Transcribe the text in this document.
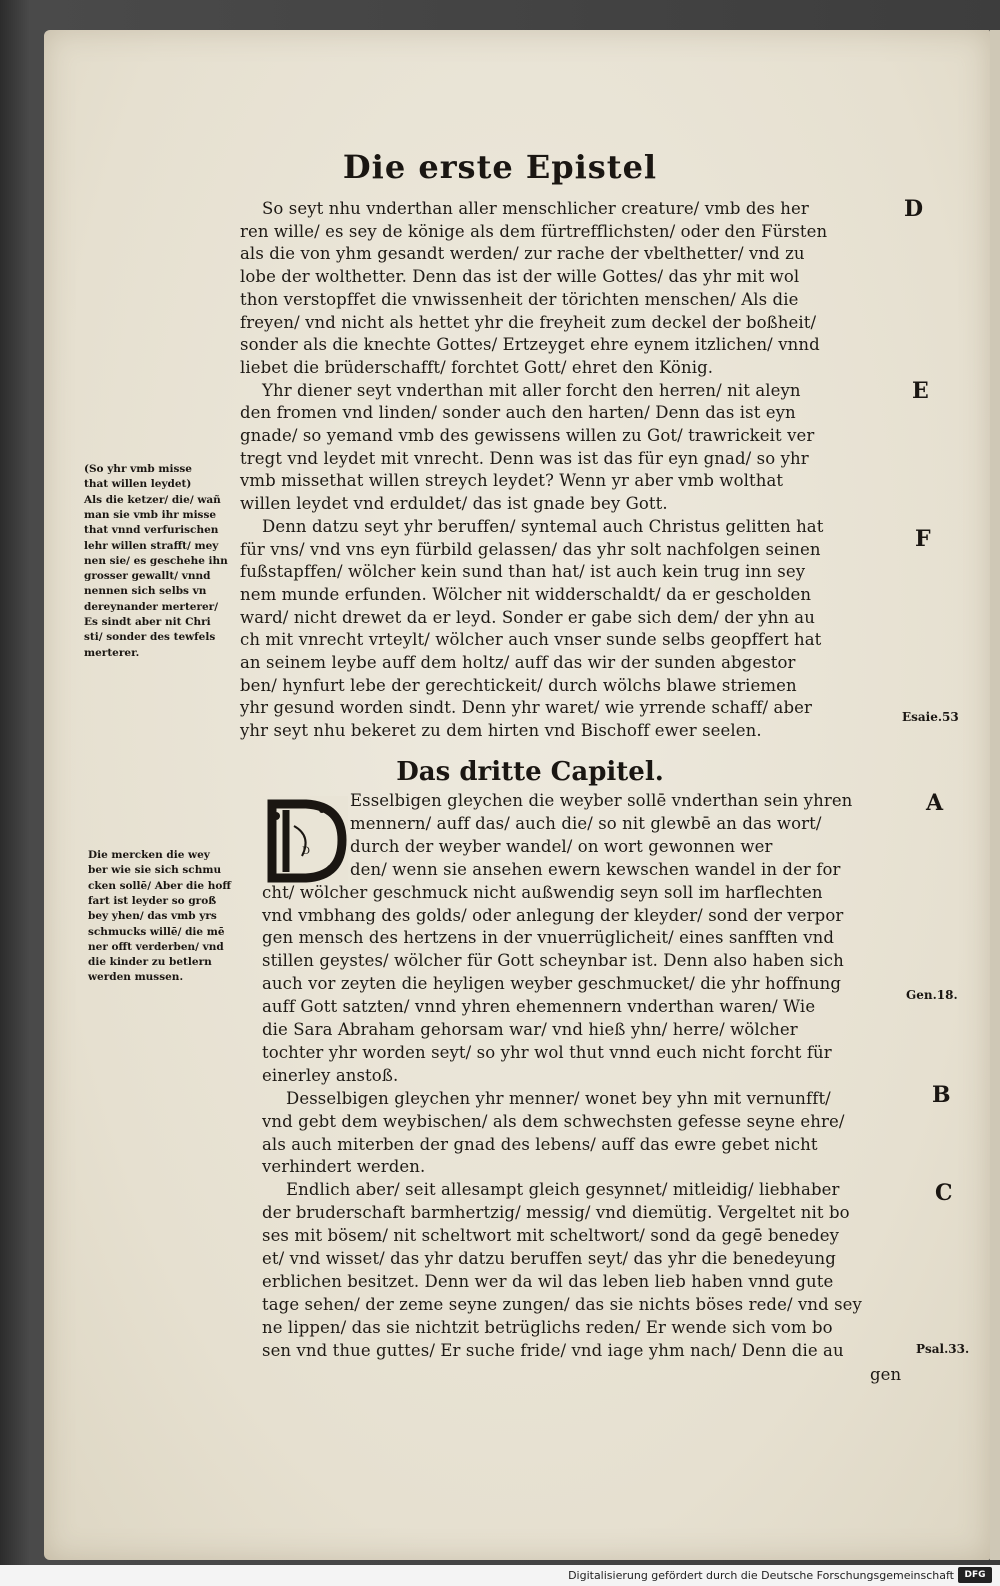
Die erste Epistel
So seyt nhu vnderthan aller menschlicher creature/ vmb des her
ren wille/ es sey de könige als dem fürtrefflichsten/ oder den Fürsten
als die von yhm gesandt werden/ zur rache der vbelthetter/ vnd zu
lobe der wolthetter. Denn das ist der wille Gottes/ das yhr mit wol
thon verstopffet die vnwissenheit der törichten menschen/ Als die
freyen/ vnd nicht als hettet yhr die freyheit zum deckel der boßheit/
sonder als die knechte Gottes/ Ertzeyget ehre eynem itzlichen/ vnnd
liebet die brüderschafft/ forchtet Gott/ ehret den König.
Yhr diener seyt vnderthan mit aller forcht den herren/ nit aleyn
den fromen vnd linden/ sonder auch den harten/ Denn das ist eyn
gnade/ so yemand vmb des gewissens willen zu Got/ trawrickeit ver
tregt vnd leydet mit vnrecht. Denn was ist das für eyn gnad/ so yhr
vmb missethat willen streych leydet? Wenn yr aber vmb wolthat
willen leydet vnd erduldet/ das ist gnade bey Gott.
Denn datzu seyt yhr beruffen/ syntemal auch Christus gelitten hat
für vns/ vnd vns eyn fürbild gelassen/ das yhr solt nachfolgen seinen
fußstapffen/ wölcher kein sund than hat/ ist auch kein trug inn sey
nem munde erfunden. Wölcher nit widderschaldt/ da er gescholden
ward/ nicht drewet da er leyd. Sonder er gabe sich dem/ der yhn au
ch mit vnrecht vrteylt/ wölcher auch vnser sunde selbs geopffert hat
an seinem leybe auff dem holtz/ auff das wir der sunden abgestor
ben/ hynfurt lebe der gerechtickeit/ durch wölchs blawe striemen
yhr gesund worden sindt. Denn yhr waret/ wie yrrende schaff/ aber
yhr seyt nhu bekeret zu dem hirten vnd Bischoff ewer seelen.
Das dritte Capitel.
D
Esselbigen gleychen die weyber sollē vnderthan sein yhren
mennern/ auff das/ auch die/ so nit glewbē an das wort/
durch der weyber wandel/ on wort gewonnen wer
den/ wenn sie ansehen ewern kewschen wandel in der for
cht/ wölcher geschmuck nicht außwendig seyn soll im harflechten
vnd vmbhang des golds/ oder anlegung der kleyder/ sond der verpor
gen mensch des hertzens in der vnuerrüglicheit/ eines sanfften vnd
stillen geystes/ wölcher für Gott scheynbar ist. Denn also haben sich
auch vor zeyten die heyligen weyber geschmucket/ die yhr hoffnung
auff Gott satzten/ vnnd yhren ehemennern vnderthan waren/ Wie
die Sara Abraham gehorsam war/ vnd hieß yhn/ herre/ wölcher
tochter yhr worden seyt/ so yhr wol thut vnnd euch nicht forcht für
einerley anstoß.
Desselbigen gleychen yhr menner/ wonet bey yhn mit vernunfft/
vnd gebt dem weybischen/ als dem schwechsten gefesse seyne ehre/
als auch miterben der gnad des lebens/ auff das ewre gebet nicht
verhindert werden.
Endlich aber/ seit allesampt gleich gesynnet/ mitleidig/ liebhaber
der bruderschaft barmhertzig/ messig/ vnd diemütig. Vergeltet nit bo
ses mit bösem/ nit scheltwort mit scheltwort/ sond da gegē benedey
et/ vnd wisset/ das yhr datzu beruffen seyt/ das yhr die benedeyung
erblichen besitzet. Denn wer da wil das leben lieb haben vnnd gute
tage sehen/ der zeme seyne zungen/ das sie nichts böses rede/ vnd sey
ne lippen/ das sie nichtzit betrüglichs reden/ Er wende sich vom bo
sen vnd thue guttes/ Er suche fride/ vnd iage yhm nach/ Denn die au
gen
(So yhr vmb misse
that willen leydet)
Als die ketzer/ die/ wañ
man sie vmb ihr misse
that vnnd verfurischen
lehr willen strafft/ mey
nen sie/ es geschehe ihn
grosser gewallt/ vnnd
nennen sich selbs vn
dereynander merterer/
Es sindt aber nit Chri
sti/ sonder des tewfels
merterer.
Die mercken die wey
ber wie sie sich schmu
cken sollē/ Aber die hoff
fart ist leyder so groß
bey yhen/ das vmb yrs
schmucks willē/ die mē
ner offt verderben/ vnd
die kinder zu betlern
werden mussen.
D
E
F
A
B
C
Esaie.53
Gen.18.
Psal.33.
Digitalisierung gefördert durch die Deutsche Forschungsgemeinschaft	DFG
